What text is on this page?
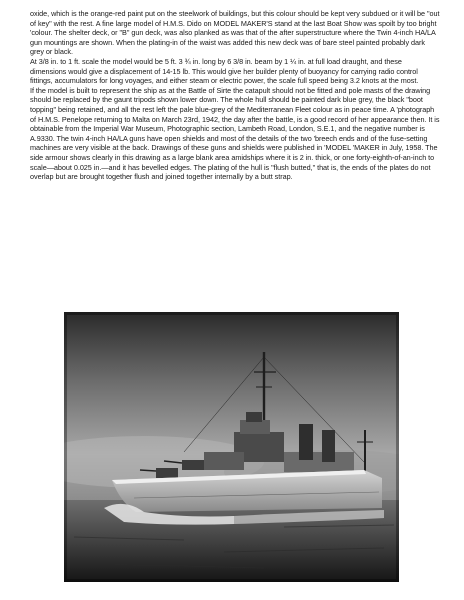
oxide, which is the orange-red paint put on the steelwork of buildings, but this colour should be kept very subdued or it will be "out of key" with the rest. A fine large model of H.M.S. Dido on MODEL MAKER'S stand at the last Boat Show was spoilt by too bright 'colour. The shelter deck, or "B" gun deck, was also planked as was that of the after superstructure where the Twin 4-inch HA/LA gun mountings are shown. When the plating-in of the waist was added this new deck was of bare steel painted probably dark grey or black.

At 3/8 in. to 1 ft. scale the model would be 5 ft. 3 ¾ in. long by 6 3/8 in. beam by 1 ¼ in. at full load draught, and these dimensions would give a displacement of 14-15 lb. This would give her builder plenty of buoyancy for carrying radio control fittings, accumulators for long voyages, and either steam or electric power, the scale full speed being 3.2 knots at the most.

If the model is built to represent the ship as at the Battle of Sirte the catapult should not be fitted and pole masts of the drawing should be replaced by the gaunt tripods shown lower down. The whole hull should be painted dark blue grey, the black "boot topping" being retained, and all the rest left the pale blue-grey of the Mediterranean Fleet colour as in peace time. A 'photograph of H.M.S. Penelope returning to Malta on March 23rd, 1942, the day after the battle, is a good record of her appearance then. It is obtainable from the Imperial War Museum, Photographic section, Lambeth Road, London, S.E.1, and the negative number is A.9330. The twin 4-inch HA/LA guns have open shields and most of the details of the two 'breech ends and of the fuse-setting machines are very visible at the back. Drawings of these guns and shields were published in 'MODEL 'MAKER in July, 1958. The side armour shows clearly in this drawing as a large blank area amidships where it is 2 in. thick, or one forty-eighth-of-an-inch to scale—about 0.025 in.—and it has bevelled edges. The plating of the hull is "flush butted," that is, the ends of the plates do not overlap but are brought together flush and joined together internally by a butt strap.
